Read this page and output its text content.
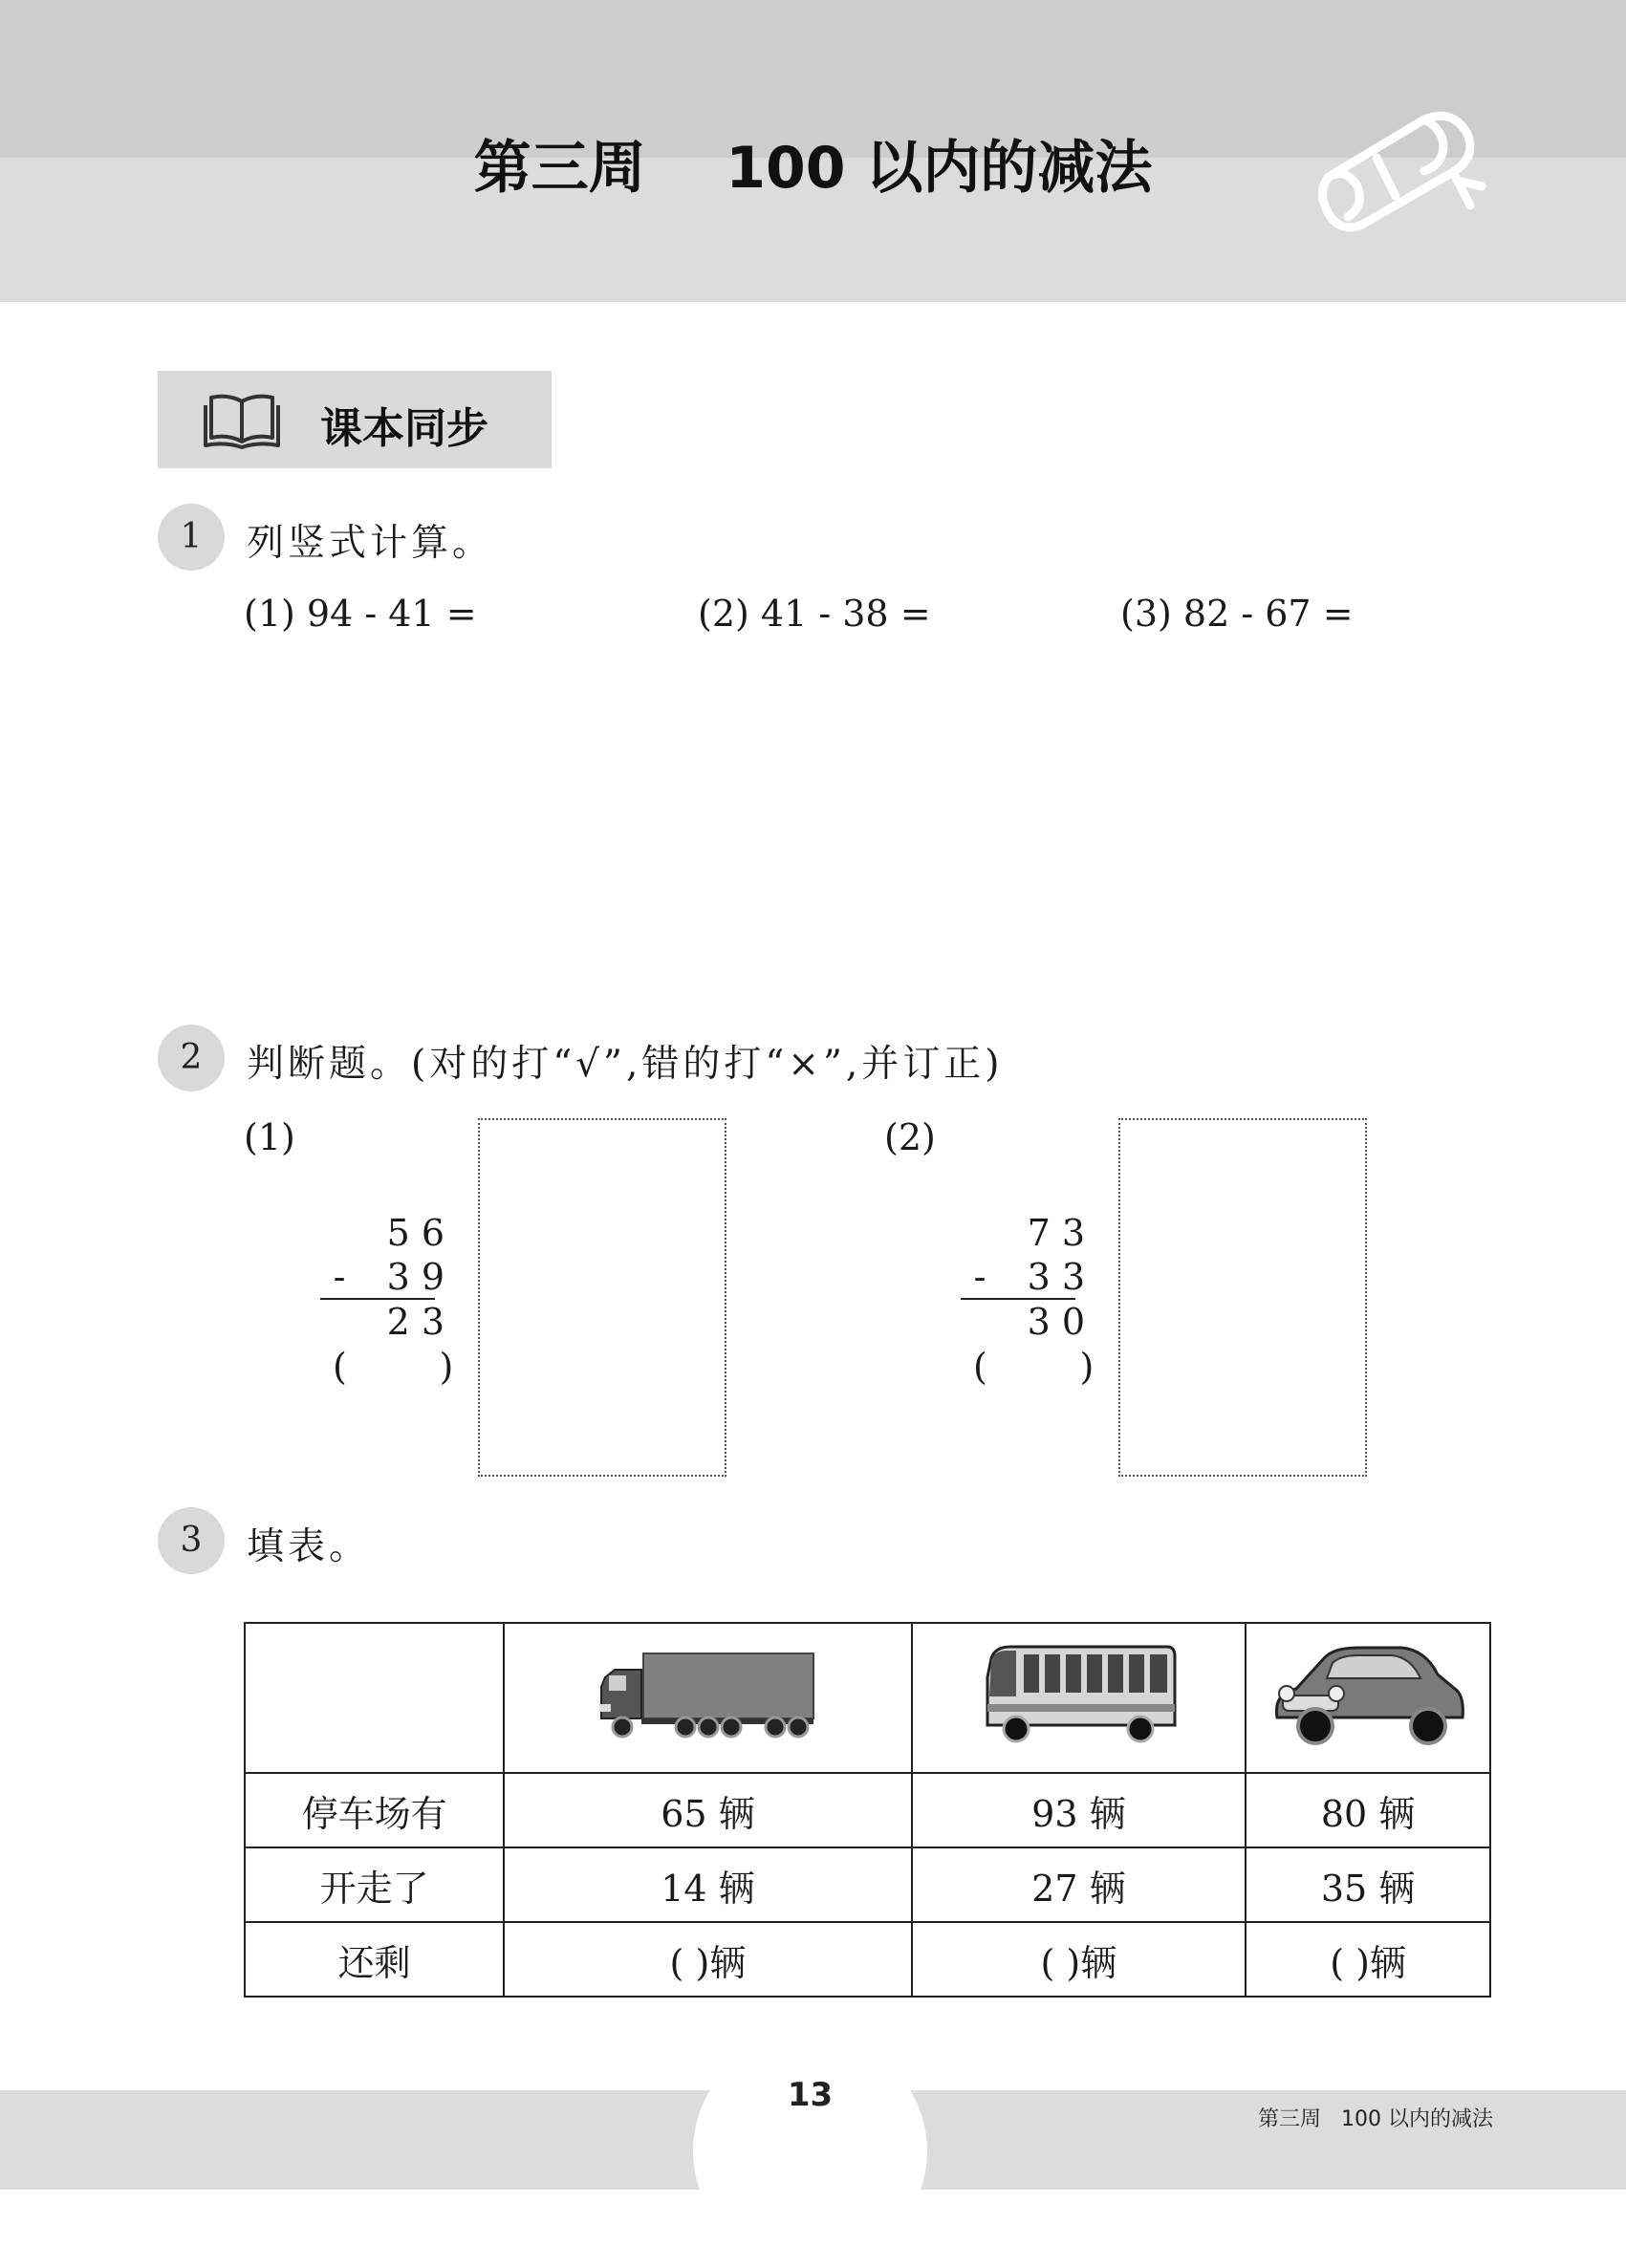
第三周    100 以内的减法
课本同步
1	列竖式计算。
(1) 94 - 41 =	(2) 41 - 38 =	(3) 82 - 67 =
2	判断题。(对的打“√”,错的打“×”,并订正)
(1)
5 6
-	3 9
2 3
(        )
(2)
7 3
-	3 3
3 0
(        )
3	填表。

停车场有	65 辆	93 辆	80 辆
开走了	14 辆	27 辆	35 辆
还剩	( )辆	( )辆	( )辆
13
第三周   100 以内的减法
